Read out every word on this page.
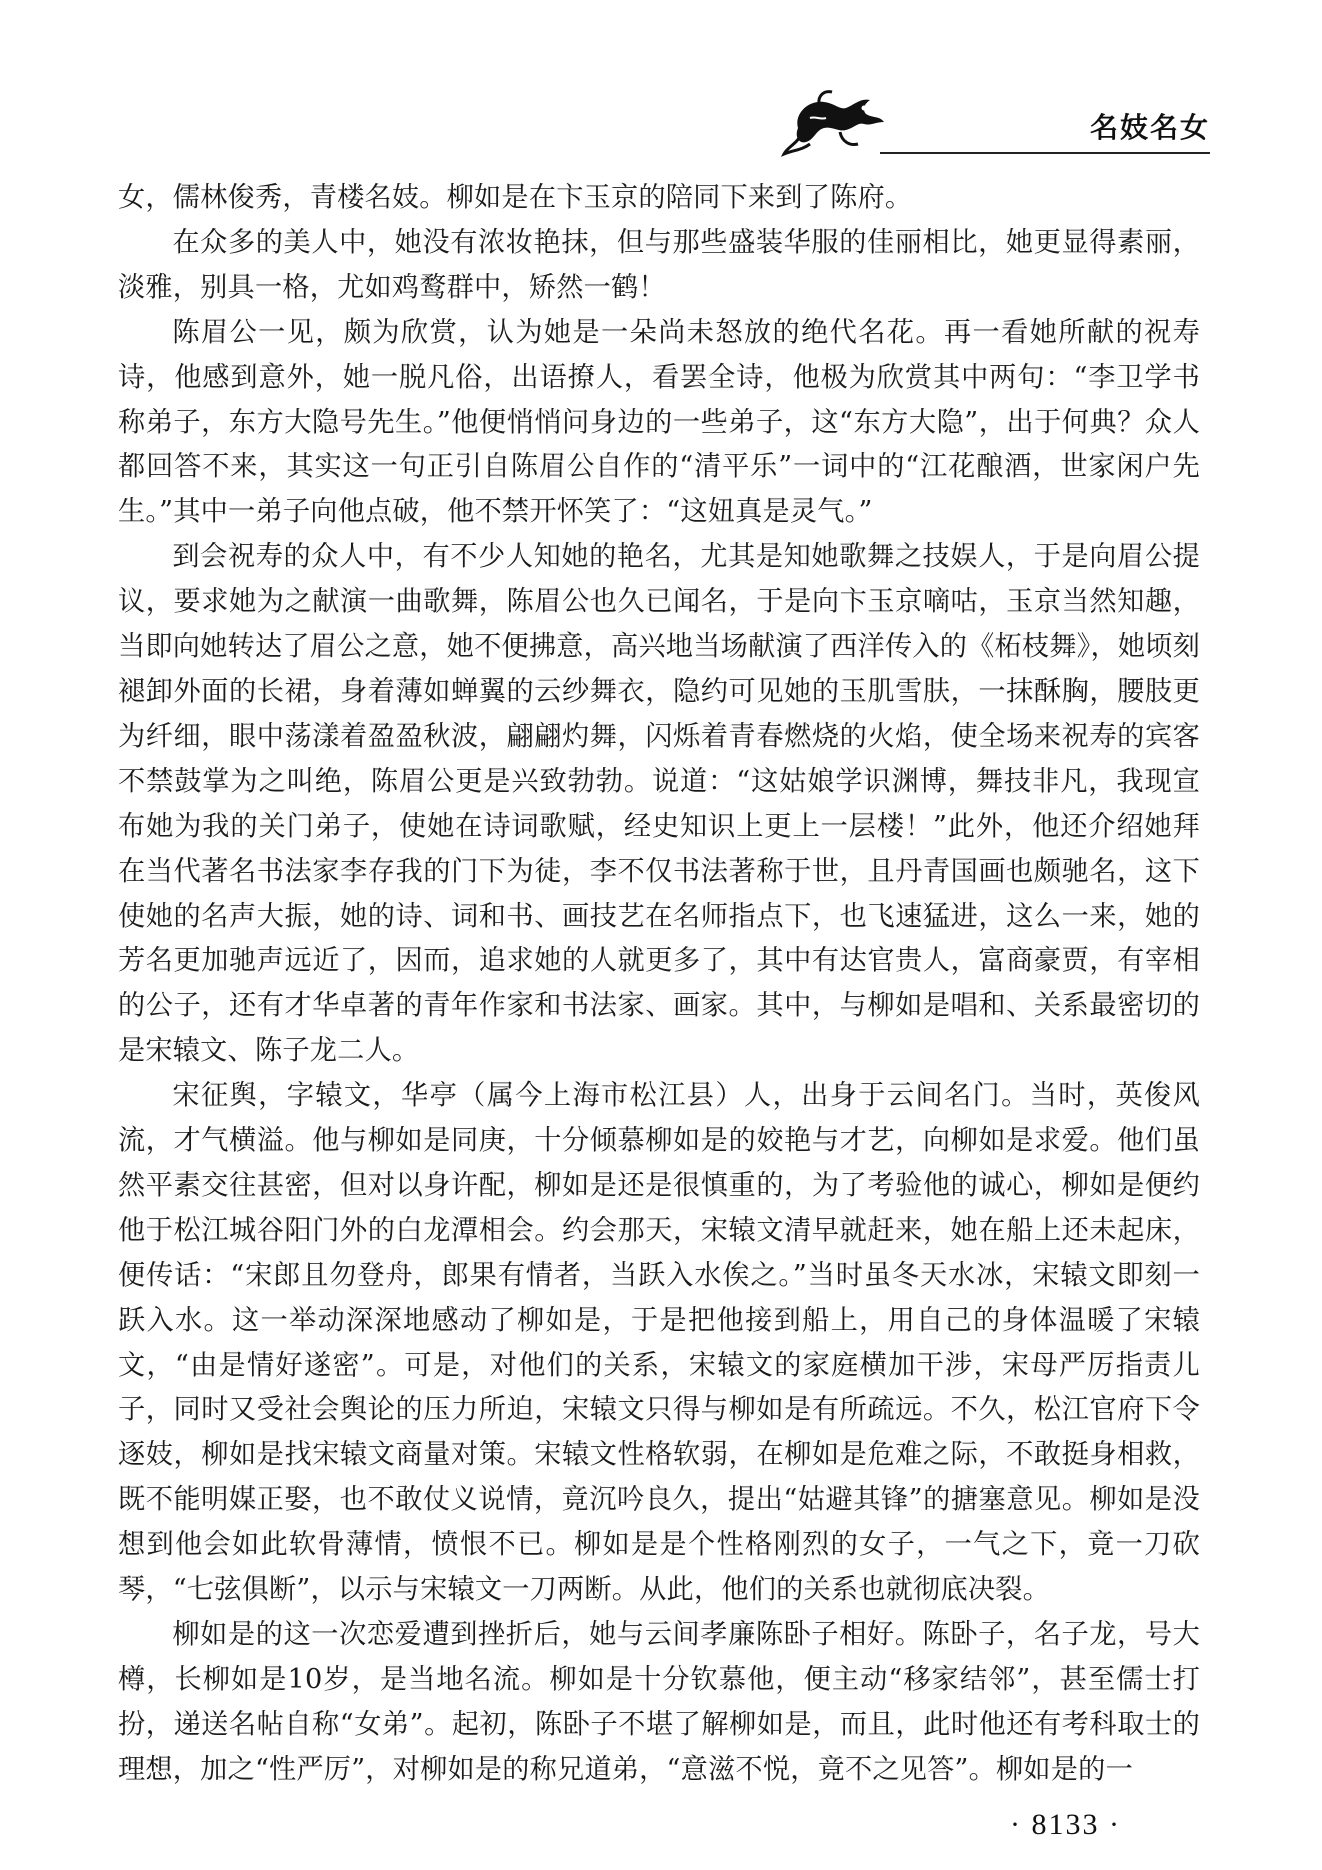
名妓名女

女，儒林俊秀，青楼名妓。柳如是在卞玉京的陪同下来到了陈府。

在众多的美人中，她没有浓妆艳抹，但与那些盛装华服的佳丽相比，她更显得素丽，淡雅，别具一格，尤如鸡鹜群中，矫然一鹤！

陈眉公一见，颇为欣赏，认为她是一朵尚未怒放的绝代名花。再一看她所献的祝寿诗，他感到意外，她一脱凡俗，出语撩人，看罢全诗，他极为欣赏其中两句：“李卫学书称弟子，东方大隐号先生。”他便悄悄问身边的一些弟子，这“东方大隐”，出于何典？众人都回答不来，其实这一句正引自陈眉公自作的“清平乐”一词中的“江花酿酒，世家闲户先生。”其中一弟子向他点破，他不禁开怀笑了：“这妞真是灵气。”

到会祝寿的众人中，有不少人知她的艳名，尤其是知她歌舞之技娱人，于是向眉公提议，要求她为之献演一曲歌舞，陈眉公也久已闻名，于是向卞玉京嘀咕，玉京当然知趣，当即向她转达了眉公之意，她不便拂意，高兴地当场献演了西洋传入的《柘枝舞》，她顷刻褪卸外面的长裙，身着薄如蝉翼的云纱舞衣，隐约可见她的玉肌雪肤，一抹酥胸，腰肢更为纤细，眼中荡漾着盈盈秋波，翩翩灼舞，闪烁着青春燃烧的火焰，使全场来祝寿的宾客不禁鼓掌为之叫绝，陈眉公更是兴致勃勃。说道：“这姑娘学识渊博，舞技非凡，我现宣布她为我的关门弟子，使她在诗词歌赋，经史知识上更上一层楼！”此外，他还介绍她拜在当代著名书法家李存我的门下为徒，李不仅书法著称于世，且丹青国画也颇驰名，这下使她的名声大振，她的诗、词和书、画技艺在名师指点下，也飞速猛进，这么一来，她的芳名更加驰声远近了，因而，追求她的人就更多了，其中有达官贵人，富商豪贾，有宰相的公子，还有才华卓著的青年作家和书法家、画家。其中，与柳如是唱和、关系最密切的是宋辕文、陈子龙二人。

宋征舆，字辕文，华亭（属今上海市松江县）人，出身于云间名门。当时，英俊风流，才气横溢。他与柳如是同庚，十分倾慕柳如是的姣艳与才艺，向柳如是求爱。他们虽然平素交往甚密，但对以身许配，柳如是还是很慎重的，为了考验他的诚心，柳如是便约他于松江城谷阳门外的白龙潭相会。约会那天，宋辕文清早就赶来，她在船上还未起床，便传话：“宋郎且勿登舟，郎果有情者，当跃入水俟之。”当时虽冬天水冰，宋辕文即刻一跃入水。这一举动深深地感动了柳如是，于是把他接到船上，用自己的身体温暖了宋辕文，“由是情好遂密”。可是，对他们的关系，宋辕文的家庭横加干涉，宋母严厉指责儿子，同时又受社会舆论的压力所迫，宋辕文只得与柳如是有所疏远。不久，松江官府下令逐妓，柳如是找宋辕文商量对策。宋辕文性格软弱，在柳如是危难之际，不敢挺身相救，既不能明媒正娶，也不敢仗义说情，竟沉吟良久，提出“姑避其锋”的搪塞意见。柳如是没想到他会如此软骨薄情，愤恨不已。柳如是是个性格刚烈的女子，一气之下，竟一刀砍琴，“七弦俱断”，以示与宋辕文一刀两断。从此，他们的关系也就彻底决裂。

柳如是的这一次恋爱遭到挫折后，她与云间孝廉陈卧子相好。陈卧子，名子龙，号大樽，长柳如是10岁，是当地名流。柳如是十分钦慕他，便主动“移家结邻”，甚至儒士打扮，递送名帖自称“女弟”。起初，陈卧子不堪了解柳如是，而且，此时他还有考科取士的理想，加之“性严厉”，对柳如是的称兄道弟，“意滋不悦，竟不之见答”。柳如是的一

· 8133 ·
